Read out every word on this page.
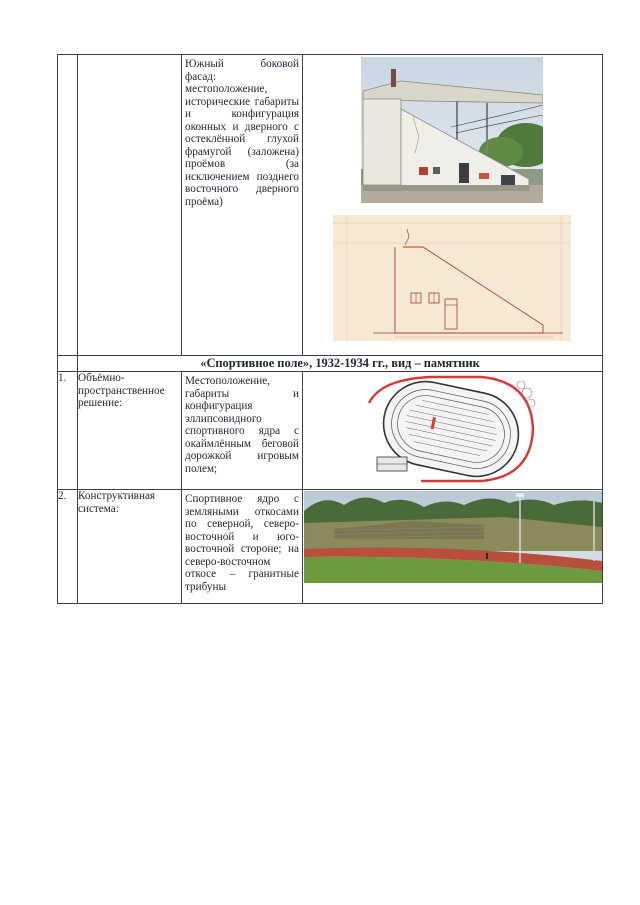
		Южный боковой фасад: местоположение, исторические габариты и конфигурация оконных и дверного с остеклённой глухой фрамугой (заложена) проёмов (за исключением позднего восточного дверного проёма)

	«Спортивное поле», 1932-1934 гг., вид – памятник		
1.	Объёмно-пространственное решение:	Местоположение, габариты и конфигурация эллипсовидного спортивного ядра с окаймлённым беговой дорожкой игровым полем;

2.	Конструктивная система:	Спортивное ядро с земляными откосами по северной, северо-восточной и юго-восточной стороне; на северо-восточном откосе – гранитные трибуны
